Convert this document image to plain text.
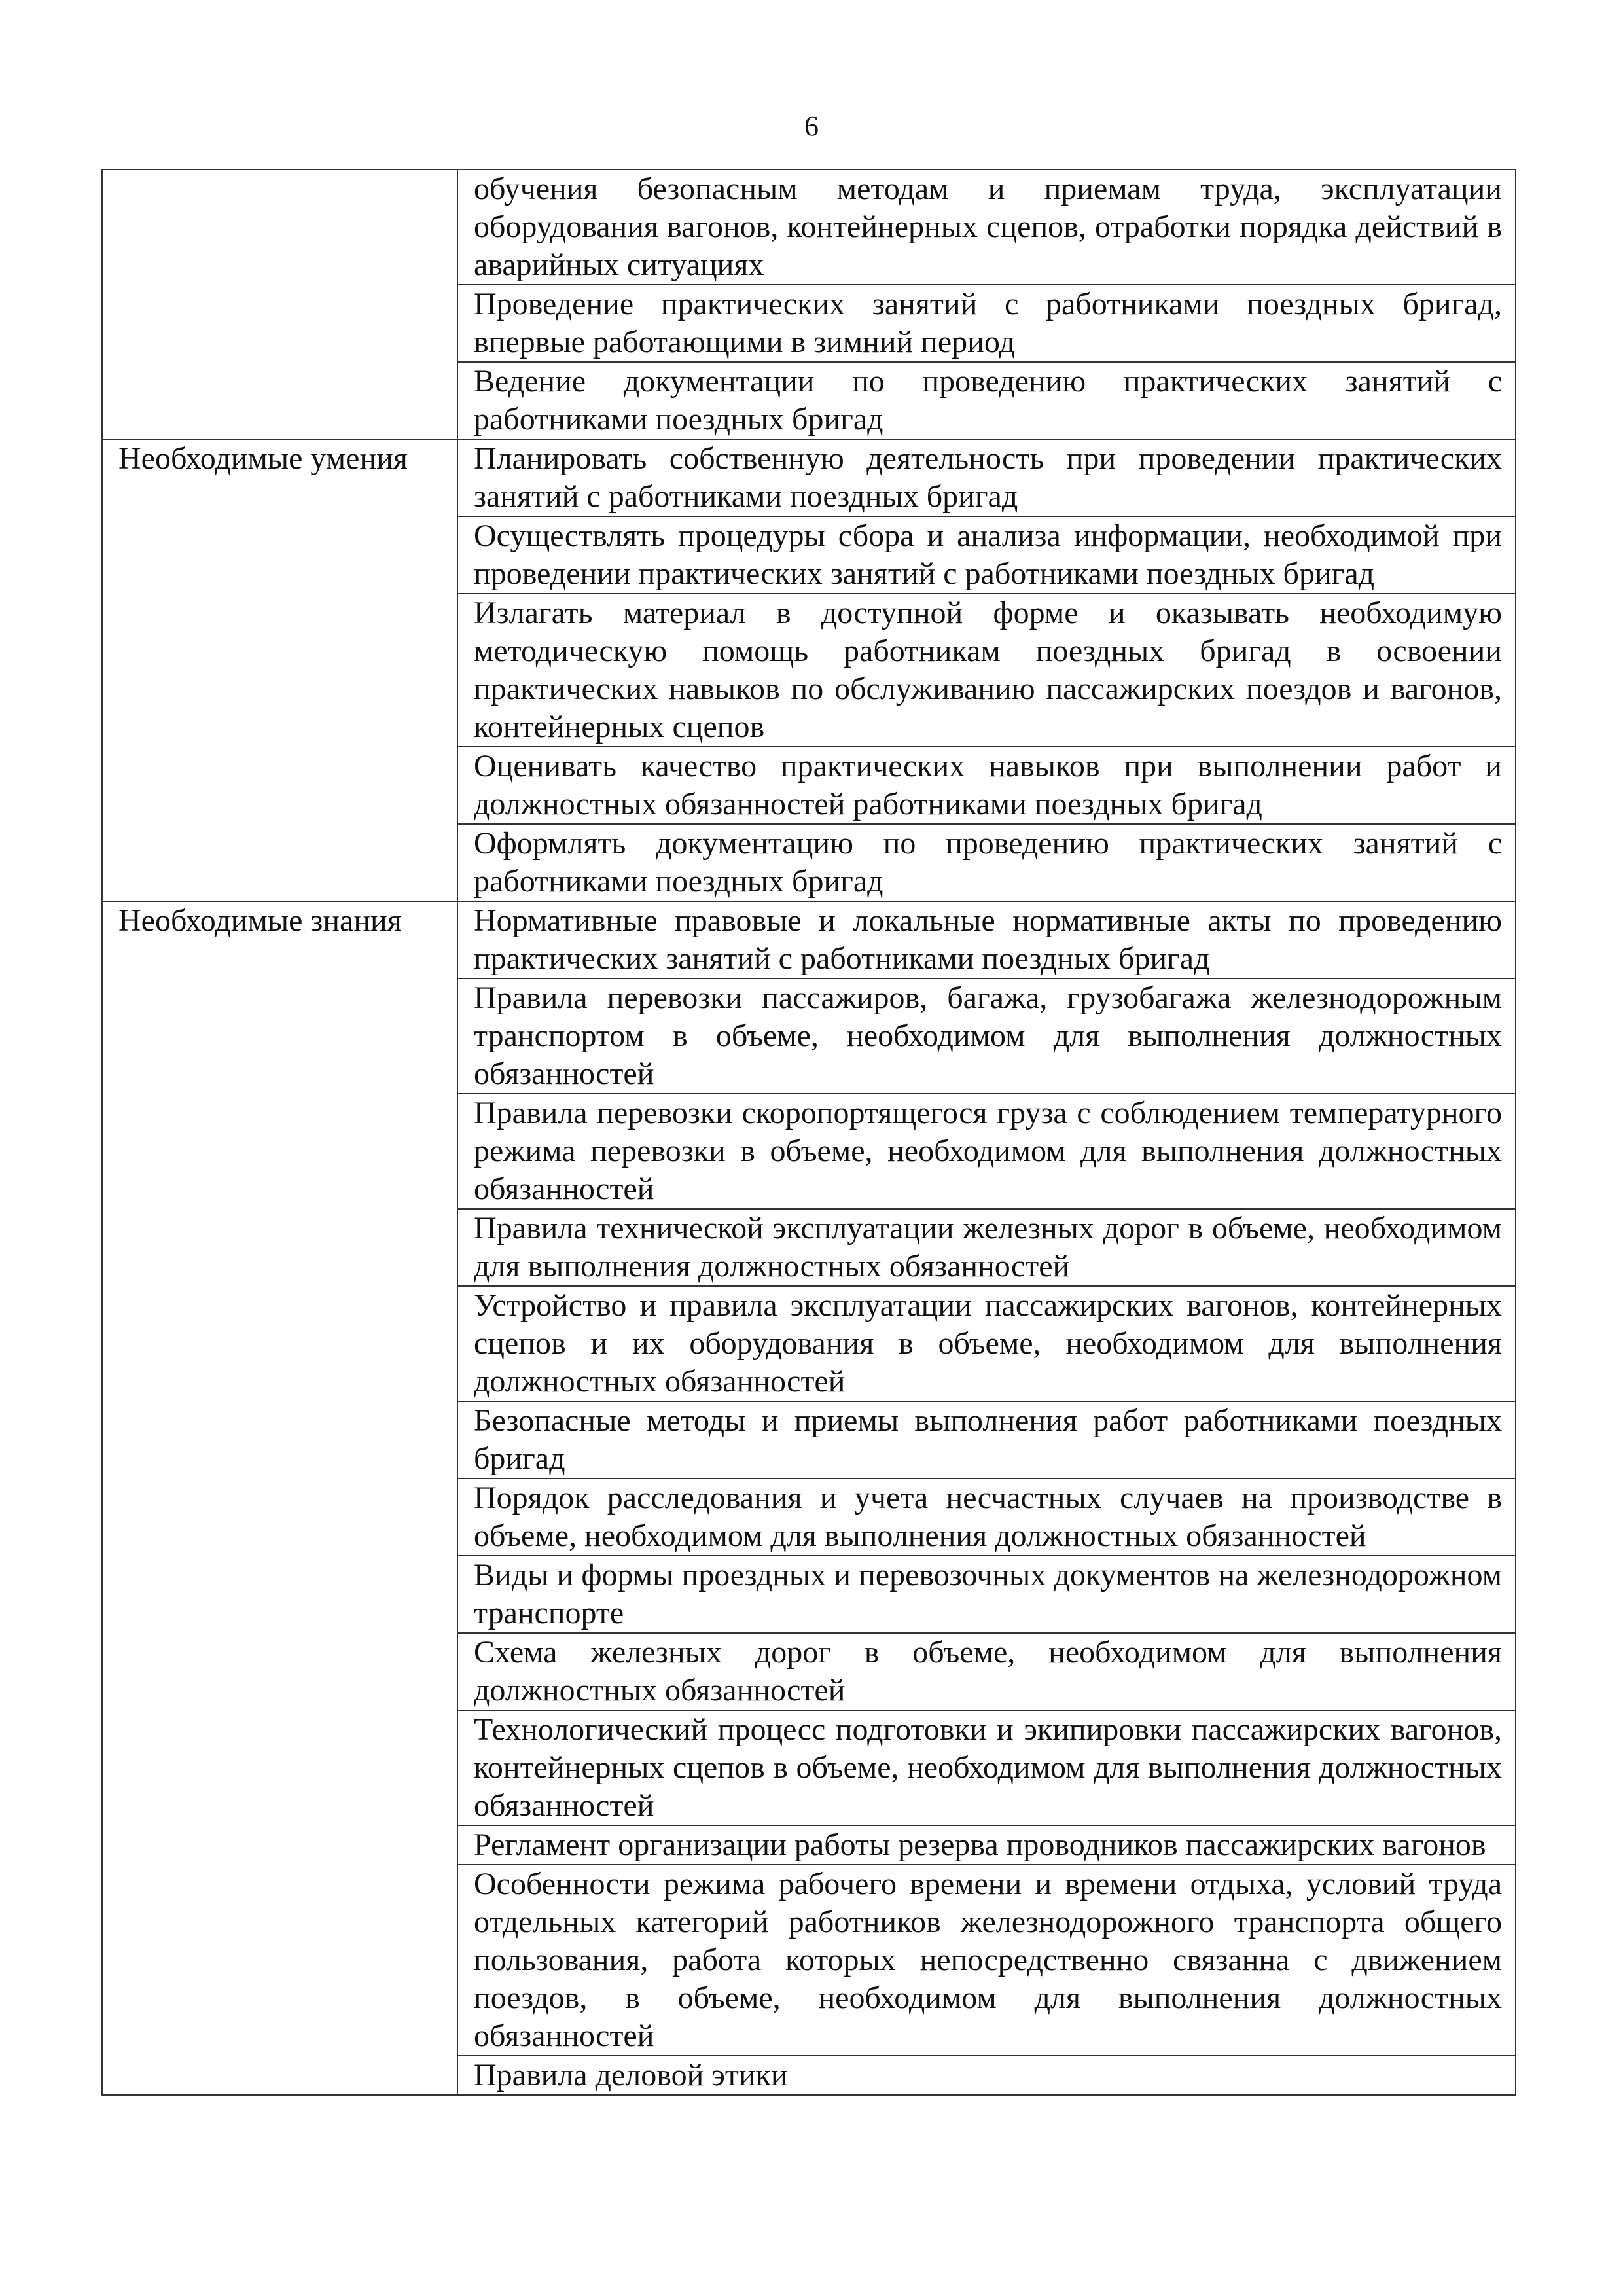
6
	обучения безопасным методам и приемам труда, эксплуатации оборудования вагонов, контейнерных сцепов, отработки порядка действий в аварийных ситуациях
	Проведение практических занятий с работниками поездных бригад, впервые работающими в зимний период
	Ведение документации по проведению практических занятий с работниками поездных бригад
Необходимые умения	Планировать собственную деятельность при проведении практических занятий с работниками поездных бригад
	Осуществлять процедуры сбора и анализа информации, необходимой при проведении практических занятий с работниками поездных бригад
	Излагать материал в доступной форме и оказывать необходимую методическую помощь работникам поездных бригад в освоении практических навыков по обслуживанию пассажирских поездов и вагонов, контейнерных сцепов
	Оценивать качество практических навыков при выполнении работ и должностных обязанностей работниками поездных бригад
	Оформлять документацию по проведению практических занятий с работниками поездных бригад
Необходимые знания	Нормативные правовые и локальные нормативные акты по проведению практических занятий с работниками поездных бригад
	Правила перевозки пассажиров, багажа, грузобагажа железнодорожным транспортом в объеме, необходимом для выполнения должностных обязанностей
	Правила перевозки скоропортящегося груза с соблюдением температурного режима перевозки в объеме, необходимом для выполнения должностных обязанностей
	Правила технической эксплуатации железных дорог в объеме, необходимом для выполнения должностных обязанностей
	Устройство и правила эксплуатации пассажирских вагонов, контейнерных сцепов и их оборудования в объеме, необходимом для выполнения должностных обязанностей
	Безопасные методы и приемы выполнения работ работниками поездных бригад
	Порядок расследования и учета несчастных случаев на производстве в объеме, необходимом для выполнения должностных обязанностей
	Виды и формы проездных и перевозочных документов на железнодорожном транспорте
	Схема железных дорог в объеме, необходимом для выполнения должностных обязанностей
	Технологический процесс подготовки и экипировки пассажирских вагонов, контейнерных сцепов в объеме, необходимом для выполнения должностных обязанностей
	Регламент организации работы резерва проводников пассажирских вагонов
	Особенности режима рабочего времени и времени отдыха, условий труда отдельных категорий работников железнодорожного транспорта общего пользования, работа которых непосредственно связанна с движением поездов, в объеме, необходимом для выполнения должностных обязанностей
	Правила деловой этики
